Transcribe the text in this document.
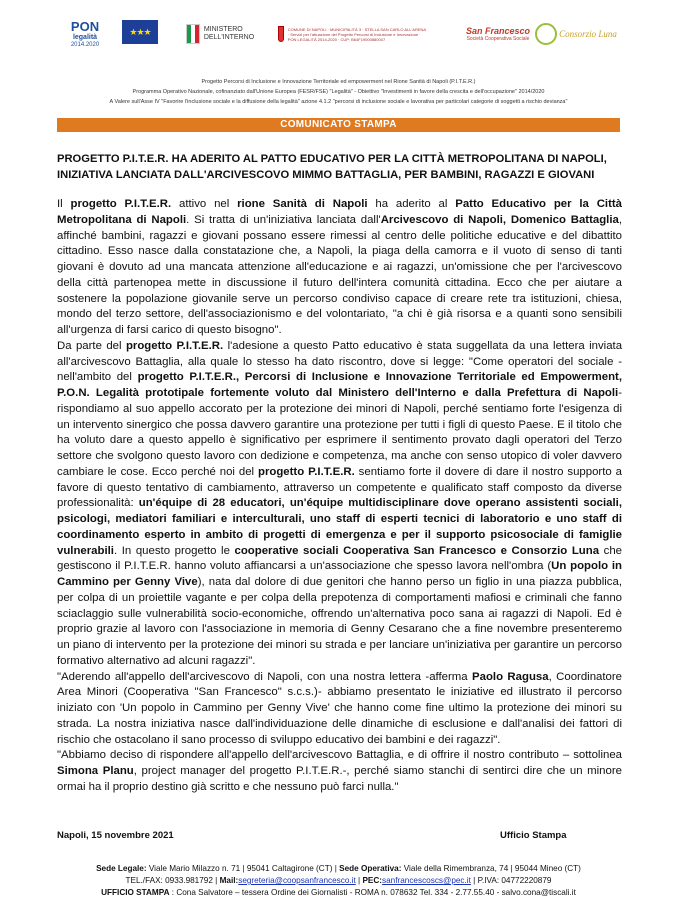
PON
legalità
2014.2020
★★★	MINISTERO
DELL'INTERNO
COMUNE DI NAPOLI · MUNICIPALITÀ 3 · STELLA SAN CARLO ALL'ARENA · Servizi per l'attuazione del Progetto Percorsi di Inclusione e Innovazione · PON LEGALITÀ 2014-2020 · CUP: B64F19000880007
San Francesco
Società Cooperativa Sociale	Consorzio Luna
Progetto Percorsi di Inclusione e Innovazione Territoriale ed empowerment nel Rione Sanità di Napoli (P.I.T.E.R.)
Programma Operativo Nazionale, cofinanziato dall'Unione Europea (FESR/FSE) "Legalità" - Obiettivo "Investimenti in favore della crescita e dell'occupazione" 2014/2020
A Valere sull'Asse IV "Favorire l'inclusione sociale e la diffusione della legalità" azione 4.1.2 "percorsi di inclusione sociale e lavorativa per particolari categorie di soggetti a rischio devianza"
COMUNICATO STAMPA
PROGETTO P.I.T.E.R. HA ADERITO AL PATTO EDUCATIVO PER LA CITTÀ METROPOLITANA DI NAPOLI, INIZIATIVA LANCIATA DALL'ARCIVESCOVO MIMMO BATTAGLIA, PER BAMBINI, RAGAZZI E GIOVANI

Il progetto P.I.T.E.R. attivo nel rione Sanità di Napoli ha aderito al Patto Educativo per la Città Metropolitana di Napoli. Si tratta di un'iniziativa lanciata dall'Arcivescovo di Napoli, Domenico Battaglia, affinché bambini, ragazzi e giovani possano essere rimessi al centro delle politiche educative e del dibattito cittadino. Esso nasce dalla constatazione che, a Napoli, la piaga della camorra e il vuoto di senso di tanti giovani è dovuto ad una mancata attenzione all'educazione e ai ragazzi, un'omissione che per l'arcivescovo della città partenopea mette in discussione il futuro dell'intera comunità cittadina. Ecco che per aiutare a sostenere la popolazione giovanile serve un percorso condiviso capace di creare rete tra istituzioni, chiesa, mondo del terzo settore, dell'associazionismo e del volontariato, "a chi è già risorsa e a quanti sono sensibili all'urgenza di farsi carico di questo bisogno".

Da parte del progetto P.I.T.E.R. l'adesione a questo Patto educativo è stata suggellata da una lettera inviata all'arcivescovo Battaglia, alla quale lo stesso ha dato riscontro, dove si legge: "Come operatori del sociale - nell'ambito del progetto P.I.T.E.R., Percorsi di Inclusione e Innovazione Territoriale ed Empowerment, P.O.N. Legalità prototipale fortemente voluto dal Ministero dell'Interno e dalla Prefettura di Napoli- rispondiamo al suo appello accorato per la protezione dei minori di Napoli, perché sentiamo forte l'esigenza di un intervento sinergico che possa davvero garantire una protezione per tutti i figli di questo Paese. E il titolo che ha voluto dare a questo appello è significativo per esprimere il sentimento provato dagli operatori del Terzo settore che svolgono questo lavoro con dedizione e competenza, ma anche con senso utopico di voler davvero cambiare le cose. Ecco perché noi del progetto P.I.T.E.R. sentiamo forte il dovere di dare il nostro supporto a favore di questo tentativo di cambiamento, attraverso un competente e qualificato staff composto da diverse professionalità: un'équipe di 28 educatori, un'équipe multidisciplinare dove operano assistenti sociali, psicologi, mediatori familiari e interculturali, uno staff di esperti tecnici di laboratorio e uno staff di coordinamento esperto in ambito di progetti di emergenza e per il supporto psicosociale di famiglie vulnerabili. In questo progetto le cooperative sociali Cooperativa San Francesco e Consorzio Luna che gestiscono il P.I.T.E.R. hanno voluto affiancarsi a un'associazione che spesso lavora nell'ombra (Un popolo in Cammino per Genny Vive), nata dal dolore di due genitori che hanno perso un figlio in una piazza pubblica, per colpa di un proiettile vagante e per colpa della prepotenza di comportamenti mafiosi e criminali che fanno sciaclaggio sulle vulnerabilità socio-economiche, offrendo un'alternativa poco sana ai ragazzi di Napoli. Ed è proprio grazie al lavoro con l'associazione in memoria di Genny Cesarano che a fine novembre presenteremo un piano di intervento per la protezione dei minori su strada e per lanciare un'iniziativa per garantire un percorso formativo alternativo ad alcuni ragazzi".

"Aderendo all'appello dell'arcivescovo di Napoli, con una nostra lettera -afferma Paolo Ragusa, Coordinatore Area Minori (Cooperativa "San Francesco" s.c.s.)- abbiamo presentato le iniziative ed illustrato il percorso iniziato con 'Un popolo in Cammino per Genny Vive' che hanno come fine ultimo la protezione dei minori su strada. La nostra iniziativa nasce dall'individuazione delle dinamiche di esclusione e dall'analisi dei fattori di rischio che ostacolano il sano processo di sviluppo educativo dei bambini e dei ragazzi".

"Abbiamo deciso di rispondere all'appello dell'arcivescovo Battaglia, e di offrire il nostro contributo – sottolinea Simona Planu, project manager del progetto P.I.T.E.R.-, perché siamo stanchi di sentirci dire che un minore ormai ha il proprio destino già scritto e che nessuno può farci nulla."

Napoli, 15 novembre 2021	Ufficio Stampa
Sede Legale: Viale Mario Milazzo n. 71 | 95041 Caltagirone (CT) | Sede Operativa: Viale della Rimembranza, 74 | 95044 Mineo (CT)
TEL./FAX: 0933.981792 | Mail:segreteria@coopsanfrancesco.it | PEC:sanfrancescoscs@pec.it | P.IVA: 04772220879
UFFICIO STAMPA : Cona Salvatore – tessera Ordine dei Giornalisti - ROMA n. 078632 Tel. 334 - 2.77.55.40 - salvo.cona@tiscali.it
